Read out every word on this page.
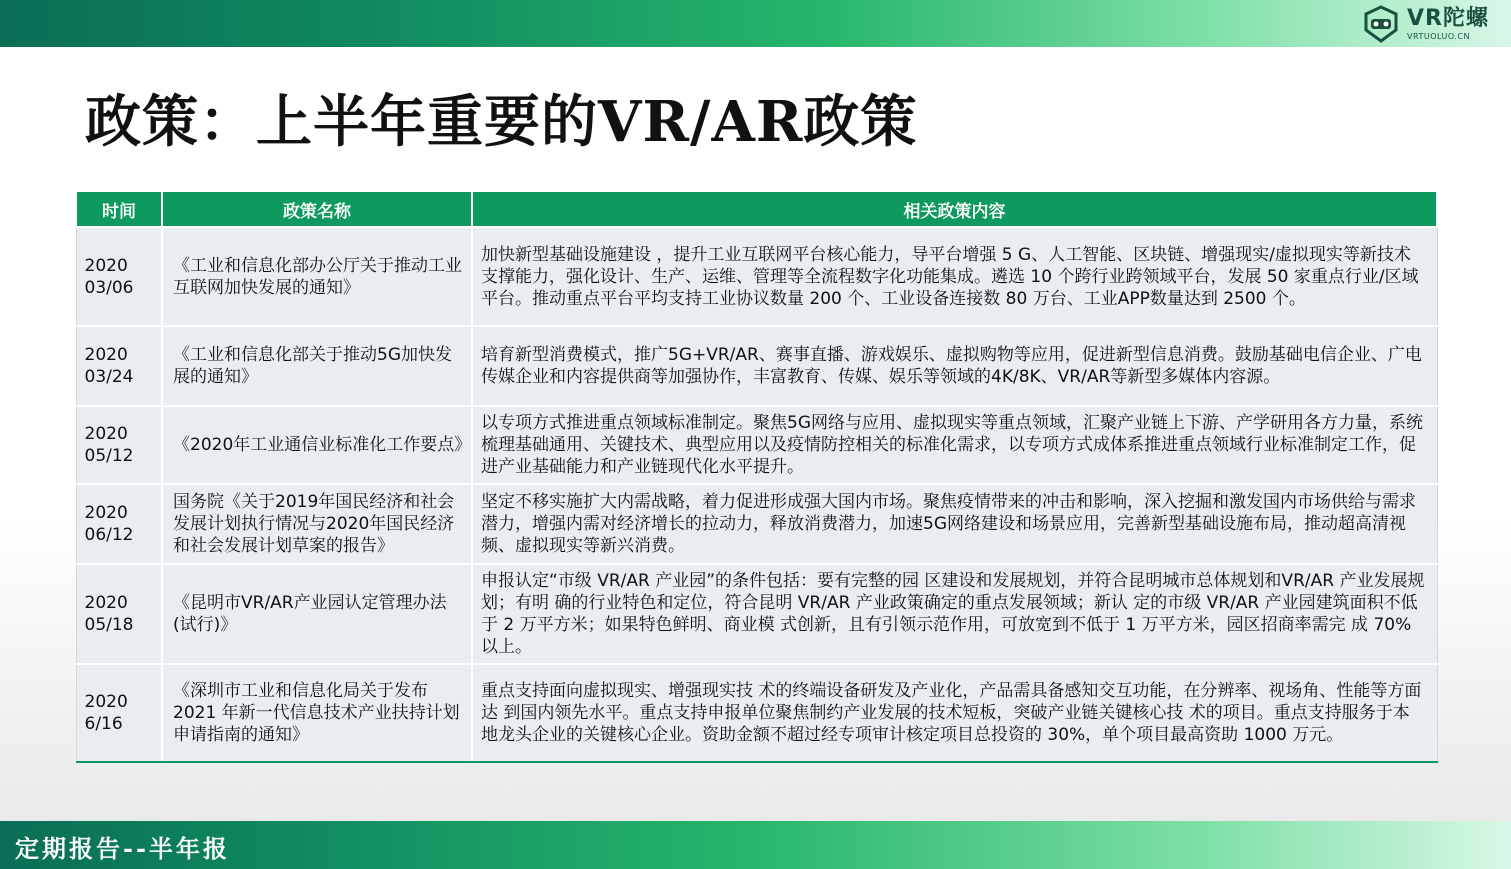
VR陀螺
VRTUOLUO.CN
政策：上半年重要的VR/AR政策
时间	政策名称	相关政策内容

2020
03/06	《工业和信息化部办公厅关于推动工业互联网加快发展的通知》	加快新型基础设施建设 ，提升工业互联网平台核心能力，导平台增强 5 G、人工智能、区块链、增强现实/虚拟现实等新技术支撑能力，强化设计、生产、运维、管理等全流程数字化功能集成。遴选 10 个跨行业跨领域平台，发展 50 家重点行业/区域平台。推动重点平台平均支持工业协议数量 200 个、工业设备连接数 80 万台、工业APP数量达到 2500 个。

2020
03/24	《工业和信息化部关于推动5G加快发展的通知》	培育新型消费模式，推广5G+VR/AR、赛事直播、游戏娱乐、虚拟购物等应用，促进新型信息消费。鼓励基础电信企业、广电传媒企业和内容提供商等加强协作，丰富教育、传媒、娱乐等领域的4K/8K、VR/AR等新型多媒体内容源。

2020
05/12	《2020年工业通信业标准化工作要点》	以专项方式推进重点领域标准制定。聚焦5G网络与应用、虚拟现实等重点领域，汇聚产业链上下游、产学研用各方力量，系统梳理基础通用、关键技术、典型应用以及疫情防控相关的标准化需求，以专项方式成体系推进重点领域行业标准制定工作，促进产业基础能力和产业链现代化水平提升。

2020
06/12	国务院《关于2019年国民经济和社会发展计划执行情况与2020年国民经济和社会发展计划草案的报告》	坚定不移实施扩大内需战略，着力促进形成强大国内市场。聚焦疫情带来的冲击和影响，深入挖掘和激发国内市场供给与需求潜力，增强内需对经济增长的拉动力，释放消费潜力，加速5G网络建设和场景应用，完善新型基础设施布局，推动超高清视频、虚拟现实等新兴消费。

2020
05/18	《昆明市VR/AR产业园认定管理办法(试行)》	申报认定“市级 VR/AR 产业园”的条件包括：要有完整的园 区建设和发展规划，并符合昆明城市总体规划和VR/AR 产业发展规划；有明 确的行业特色和定位，符合昆明 VR/AR 产业政策确定的重点发展领域；新认 定的市级 VR/AR 产业园建筑面积不低于 2 万平方米；如果特色鲜明、商业模 式创新，且有引领示范作用，可放宽到不低于 1 万平方米，园区招商率需完 成 70%以上。

2020
6/16	《深圳市工业和信息化局关于发布2021 年新一代信息技术产业扶持计划申请指南的通知》	重点支持面向虚拟现实、增强现实技 术的终端设备研发及产业化，产品需具备感知交互功能，在分辨率、视场角、性能等方面达 到国内领先水平。重点支持申报单位聚焦制约产业发展的技术短板，突破产业链关键核心技 术的项目。重点支持服务于本地龙头企业的关键核心企业。资助金额不超过经专项审计核定项目总投资的 30%，单个项目最高资助 1000 万元。
定期报告--半年报
